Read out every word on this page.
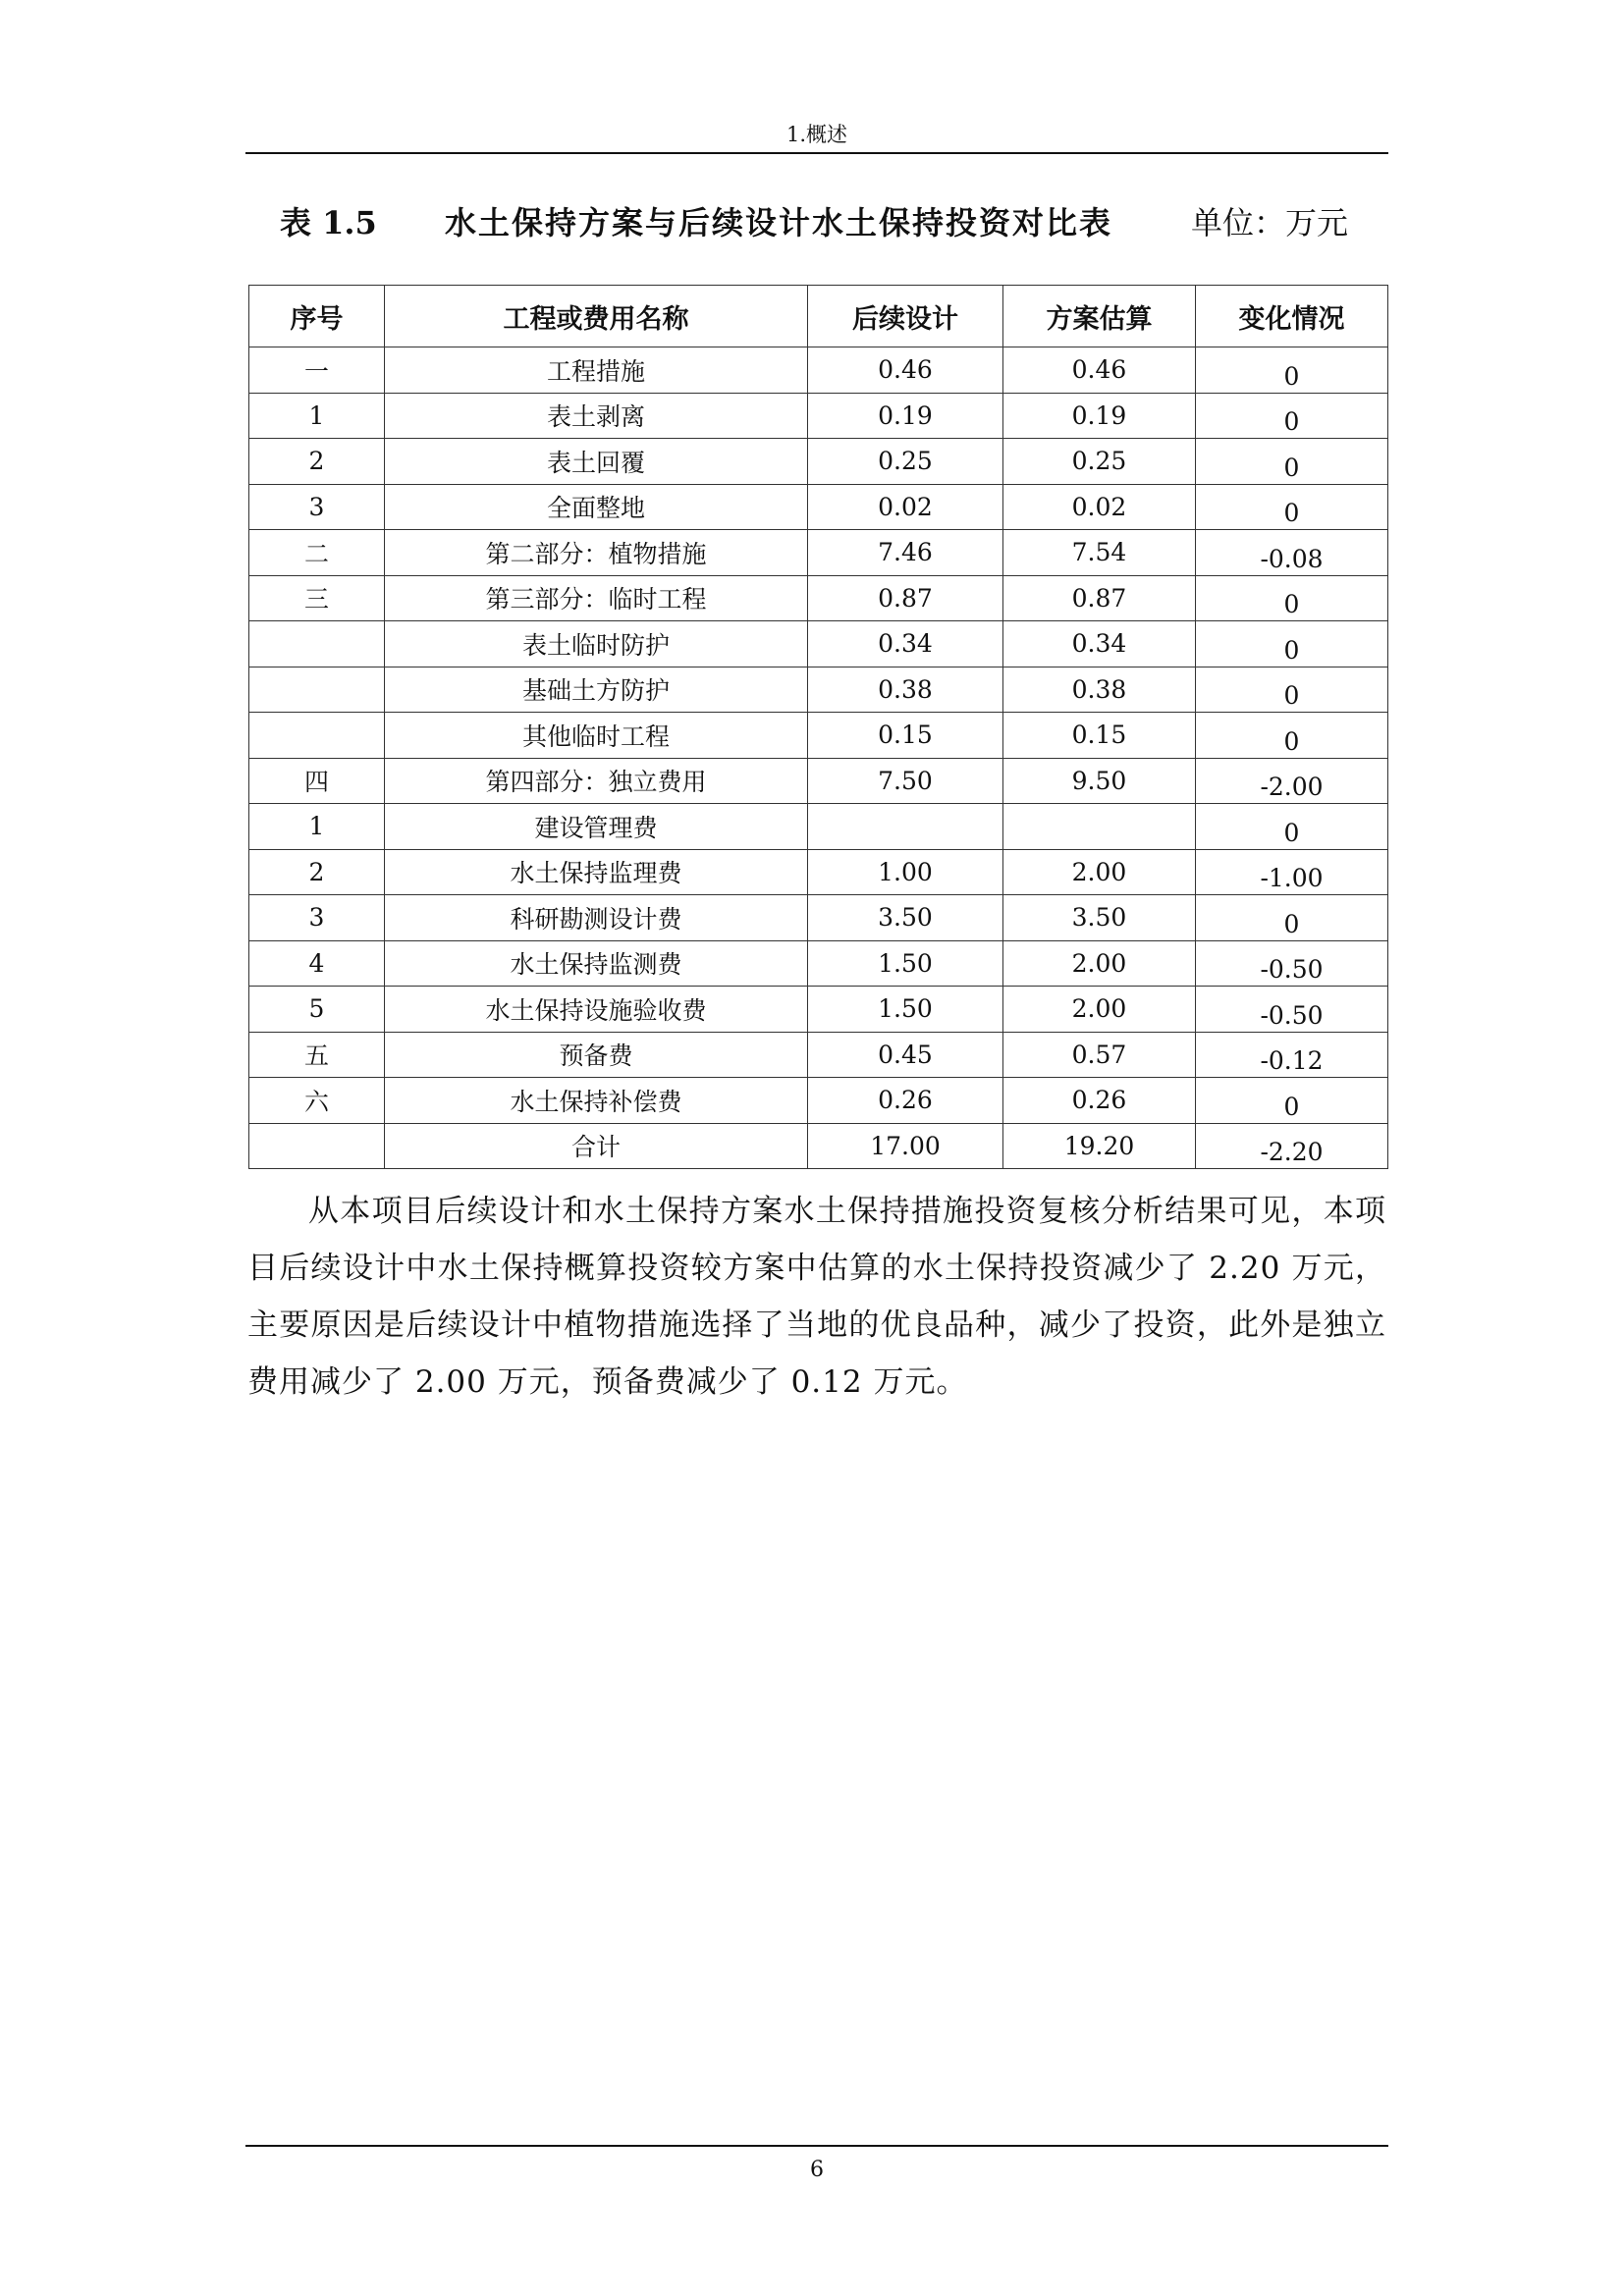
1.概述
表 1.5 水土保持方案与后续设计水土保持投资对比表 单位：万元
序号	工程或费用名称	后续设计	方案估算	变化情况
一	工程措施	0.46	0.46	0
1	表土剥离	0.19	0.19	0
2	表土回覆	0.25	0.25	0
3	全面整地	0.02	0.02	0
二	第二部分：植物措施	7.46	7.54	-0.08
三	第三部分：临时工程	0.87	0.87	0
	表土临时防护	0.34	0.34	0
	基础土方防护	0.38	0.38	0
	其他临时工程	0.15	0.15	0
四	第四部分：独立费用	7.50	9.50	-2.00
1	建设管理费			0
2	水土保持监理费	1.00	2.00	-1.00
3	科研勘测设计费	3.50	3.50	0
4	水土保持监测费	1.50	2.00	-0.50
5	水土保持设施验收费	1.50	2.00	-0.50
五	预备费	0.45	0.57	-0.12
六	水土保持补偿费	0.26	0.26	0
	合计	17.00	19.20	-2.20
从本项目后续设计和水土保持方案水土保持措施投资复核分析结果可见，本项目后续设计中水土保持概算投资较方案中估算的水土保持投资减少了 2.20 万元，主要原因是后续设计中植物措施选择了当地的优良品种，减少了投资，此外是独立费用减少了 2.00 万元，预备费减少了 0.12 万元。
6
